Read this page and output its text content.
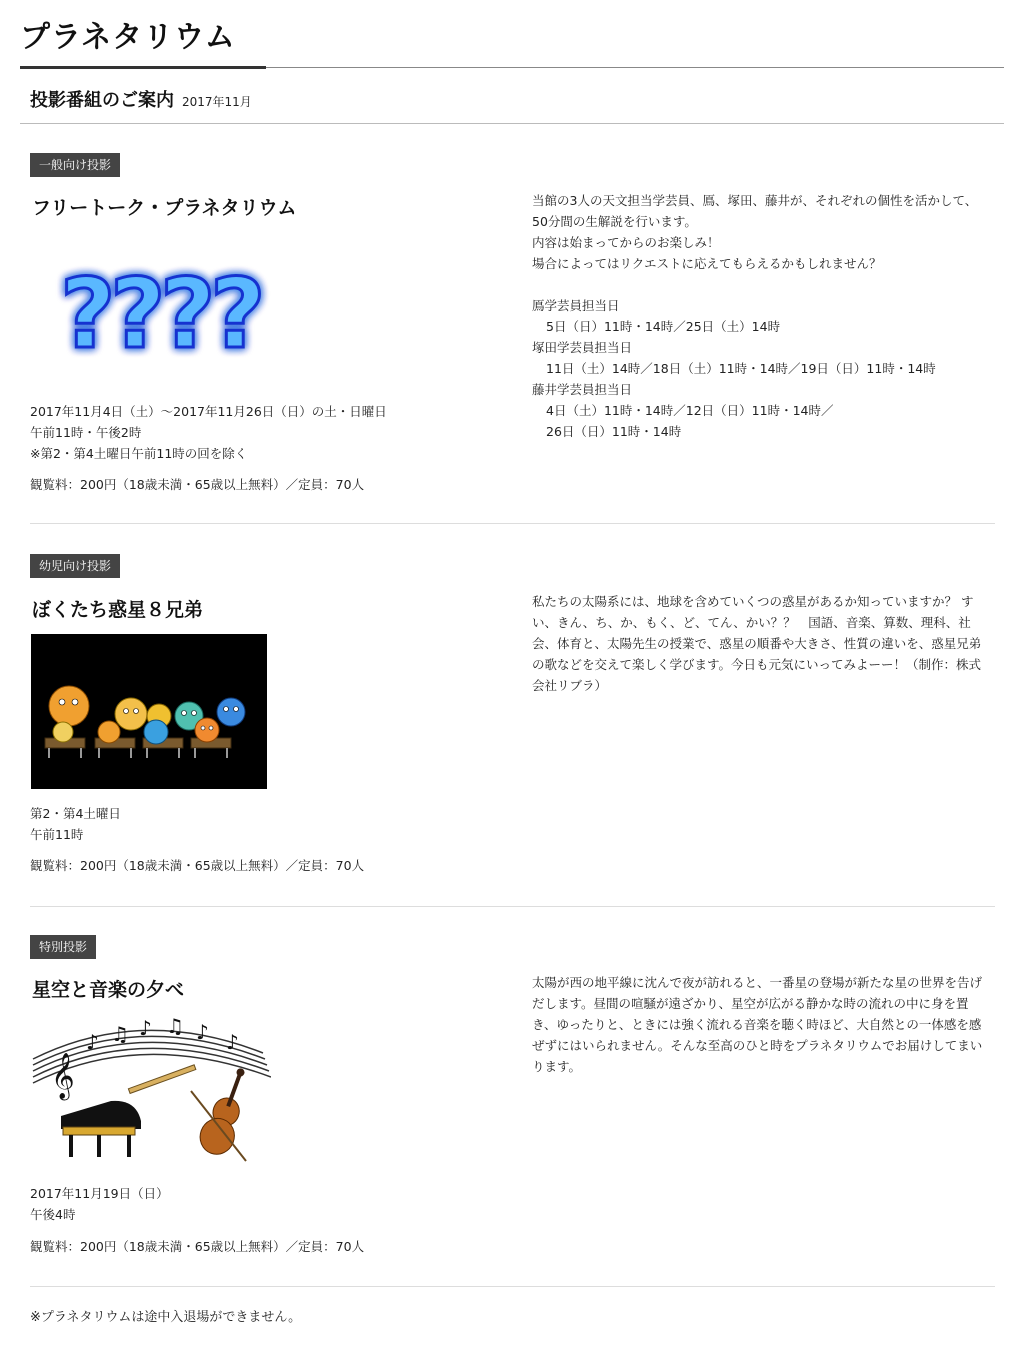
プラネタリウム
投影番組のご案内 2017年11月
一般向け投影
フリートーク・プラネタリウム
?
?
?
?
2017年11月4日（土）～2017年11月26日（日）の土・日曜日
午前11時・午後2時
※第2・第4土曜日午前11時の回を除く
観覧料：200円（18歳未満・65歳以上無料）／定員：70人

当館の3人の天文担当学芸員、鳫、塚田、藤井が、それぞれの個性を活かして、

50分間の生解説を行います。

内容は始まってからのお楽しみ！

場合によってはリクエストに応えてもらえるかもしれません？

鳫学芸員担当日

5日（日）11時・14時／25日（土）14時

塚田学芸員担当日

11日（土）14時／18日（土）11時・14時／19日（日）11時・14時

藤井学芸員担当日

4日（土）11時・14時／12日（日）11時・14時／

26日（日）11時・14時

幼児向け投影
ぼくたち惑星８兄弟
第2・第4土曜日
午前11時
観覧料：200円（18歳未満・65歳以上無料）／定員：70人
私たちの太陽系には、地球を含めていくつの惑星があるか知っていますか？ すい、きん、ち、か、もく、ど、てん、かい？？　国語、音楽、算数、理科、社会、体育と、太陽先生の授業で、惑星の順番や大きさ、性質の違いを、惑星兄弟の歌などを交えて楽しく学びます。今日も元気にいってみよーー！（制作：株式会社リブラ）
特別投影
星空と音楽の夕べ
𝄞
♪ ♫ ♪ ♫ ♪ ♪
2017年11月19日（日）
午後4時
観覧料：200円（18歳未満・65歳以上無料）／定員：70人
太陽が西の地平線に沈んで夜が訪れると、一番星の登場が新たな星の世界を告げだします。昼間の喧騒が遠ざかり、星空が広がる静かな時の流れの中に身を置き、ゆったりと、ときには強く流れる音楽を聴く時ほど、大自然との一体感を感ぜずにはいられません。そんな至高のひと時をプラネタリウムでお届けしてまいります。
※プラネタリウムは途中入退場ができません。
